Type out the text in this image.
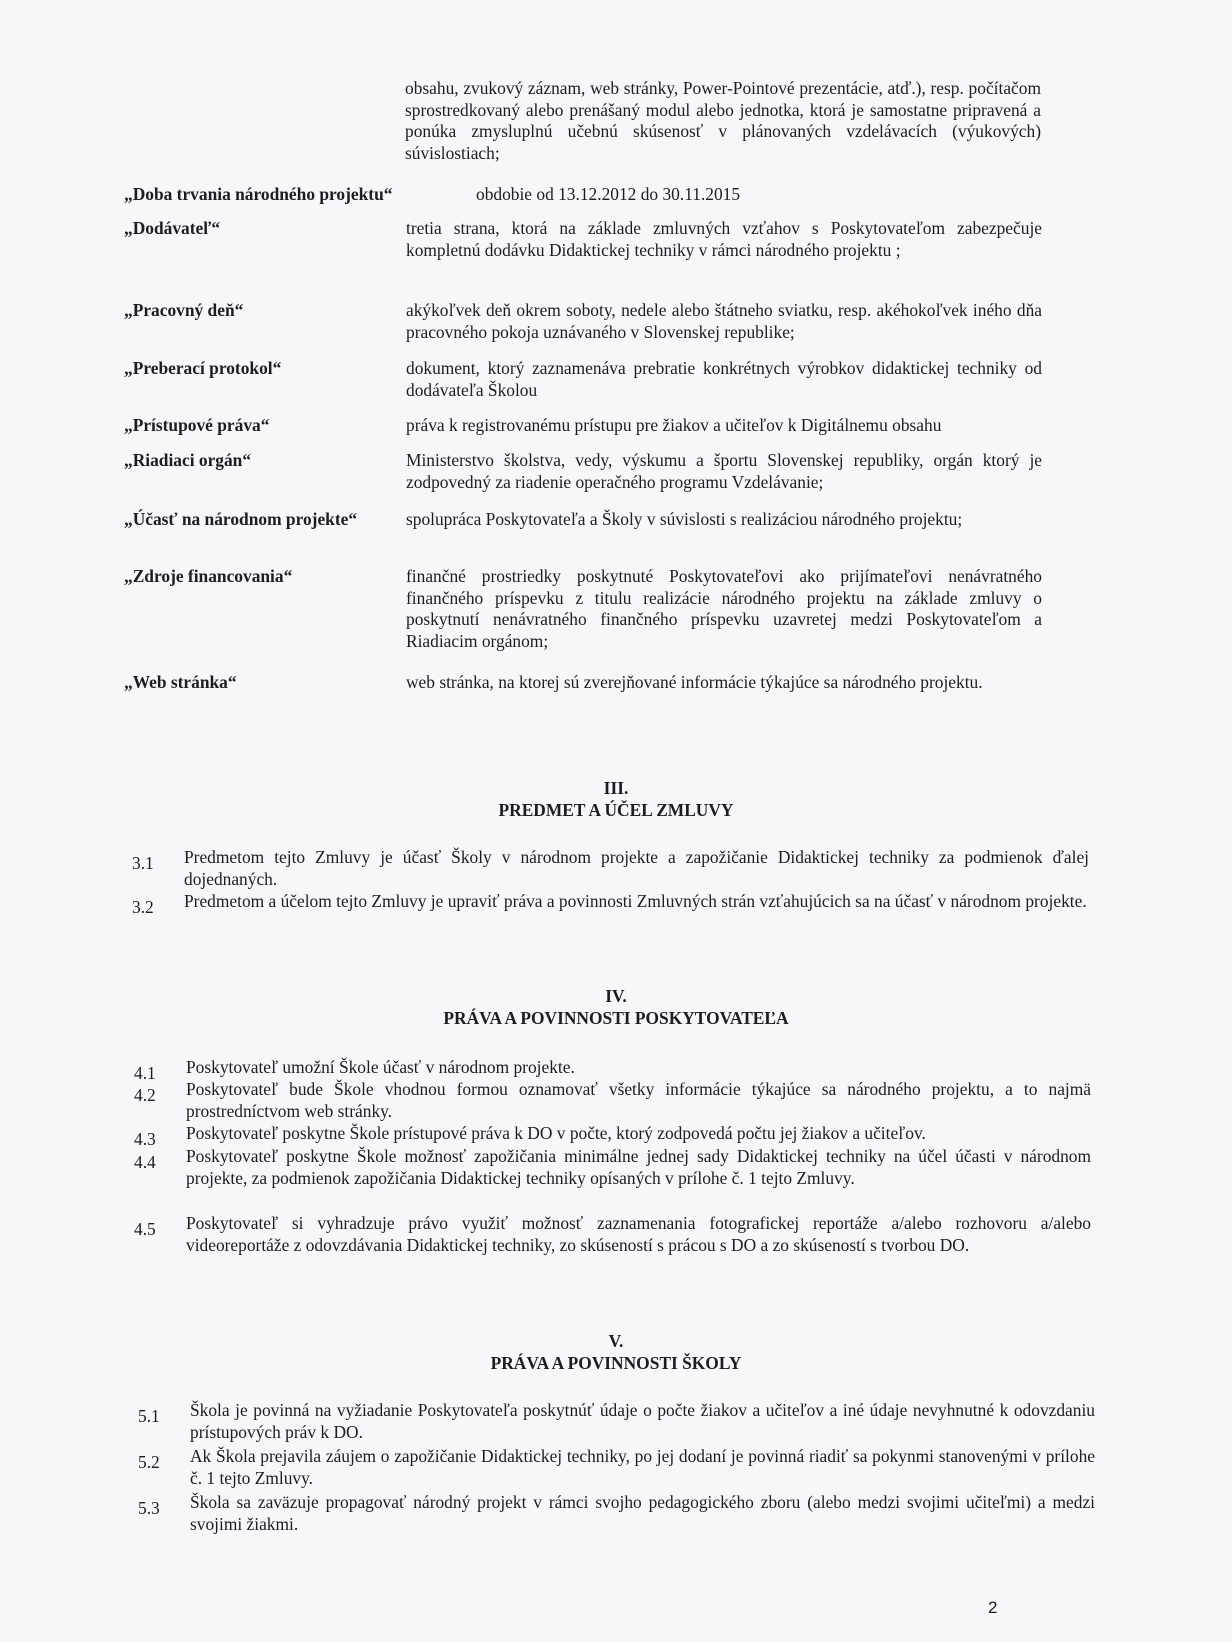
obsahu, zvukový záznam, web stránky, Power-Pointové prezentácie, atď.), resp. počítačom sprostredkovaný alebo prenášaný modul alebo jednotka, ktorá je samostatne pripravená a ponúka zmysluplnú učebnú skúsenosť v plánovaných vzdelávacích (výukových) súvislostiach;
„Doba trvania národného projektu“	obdobie od 13.12.2012 do 30.11.2015
„Dodávateľ“	tretia strana, ktorá na základe zmluvných vzťahov s Poskytovateľom zabezpečuje kompletnú dodávku Didaktickej techniky v rámci národného projektu ;
„Pracovný deň“	akýkoľvek deň okrem soboty, nedele alebo štátneho sviatku, resp. akéhokoľvek iného dňa pracovného pokoja uznávaného v Slovenskej republike;
„Preberací protokol“	dokument, ktorý zaznamenáva prebratie konkrétnych výrobkov didaktickej techniky od dodávateľa Školou
„Prístupové práva“	práva k registrovanému prístupu pre žiakov a učiteľov k Digitálnemu obsahu
„Riadiaci orgán“	Ministerstvo školstva, vedy, výskumu a športu Slovenskej republiky, orgán ktorý je zodpovedný za riadenie operačného programu Vzdelávanie;
„Účasť na národnom projekte“	spolupráca Poskytovateľa a Školy v súvislosti s realizáciou národného projektu;
„Zdroje financovania“	finančné prostriedky poskytnuté Poskytovateľovi ako prijímateľovi nenávratného finančného príspevku z titulu realizácie národného projektu na základe zmluvy o poskytnutí nenávratného finančného príspevku uzavretej medzi Poskytovateľom a Riadiacim orgánom;
„Web stránka“	web stránka, na ktorej sú zverejňované informácie týkajúce sa národného projektu.
III.
PREDMET A ÚČEL ZMLUVY
3.1 Predmetom tejto Zmluvy je účasť Školy v národnom projekte a zapožičanie Didaktickej techniky za podmienok ďalej dojednaných.
3.2 Predmetom a účelom tejto Zmluvy je upraviť práva a povinnosti Zmluvných strán vzťahujúcich sa na účasť v národnom projekte.
IV.
PRÁVA A POVINNOSTI POSKYTOVATEĽA
4.1 Poskytovateľ umožní Škole účasť v národnom projekte.
4.2 Poskytovateľ bude Škole vhodnou formou oznamovať všetky informácie týkajúce sa národného projektu, a to najmä prostredníctvom web stránky.
4.3 Poskytovateľ poskytne Škole prístupové práva k DO v počte, ktorý zodpovedá počtu jej žiakov a učiteľov.
4.4 Poskytovateľ poskytne Škole možnosť zapožičania minimálne jednej sady Didaktickej techniky na účel účasti v národnom projekte, za podmienok zapožičania Didaktickej techniky opísaných v prílohe č. 1 tejto Zmluvy.
4.5 Poskytovateľ si vyhradzuje právo využiť možnosť zaznamenania fotografickej reportáže a/alebo rozhovoru a/alebo videoreportáže z odovzdávania Didaktickej techniky, zo skúseností s prácou s DO a zo skúseností s tvorbou DO.
V.
PRÁVA A POVINNOSTI ŠKOLY
5.1 Škola je povinná na vyžiadanie Poskytovateľa poskytnúť údaje o počte žiakov a učiteľov a iné údaje nevyhnutné k odovzdaniu prístupových práv k DO.
5.2 Ak Škola prejavila záujem o zapožičanie Didaktickej techniky, po jej dodaní je povinná riadiť sa pokynmi stanovenými v prílohe č. 1 tejto Zmluvy.
5.3 Škola sa zaväzuje propagovať národný projekt v rámci svojho pedagogického zboru (alebo medzi svojimi učiteľmi) a medzi svojimi žiakmi.
2
